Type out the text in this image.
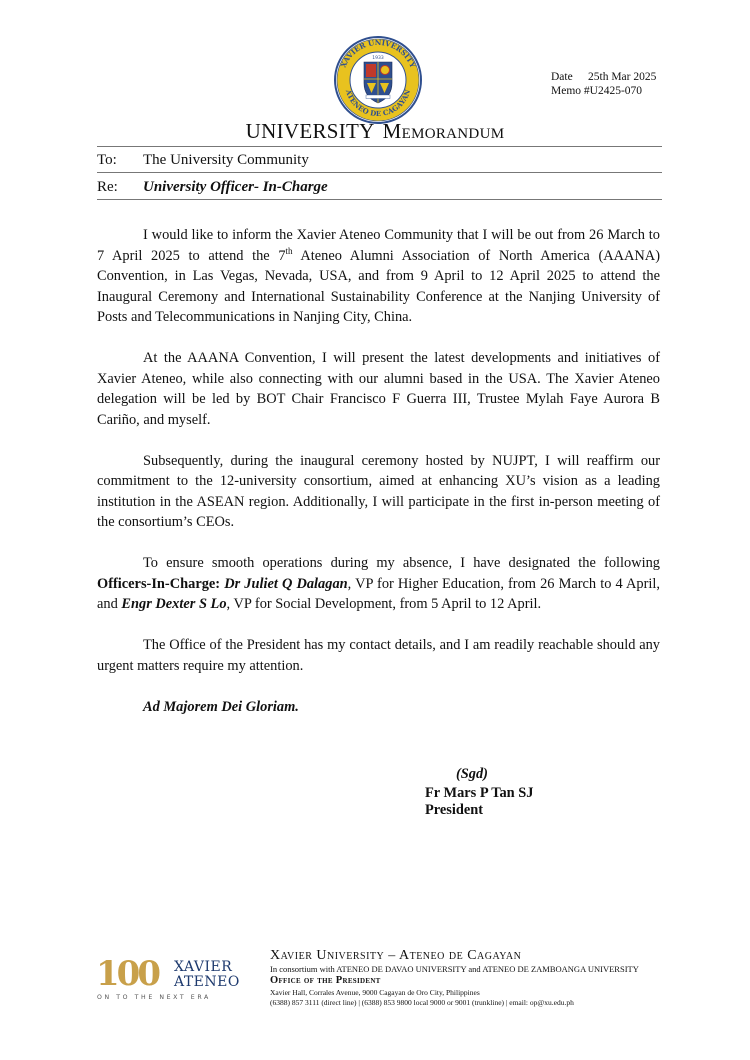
XAVIER UNIVERSITY
ATENEO DE CAGAYAN
1933
Date 25th Mar 2025
Memo #U2425-070
UNIVERSITY Memorandum
To: The University Community
Re: University Officer- In-Charge

I would like to inform the Xavier Ateneo Community that I will be out from 26 March to 7 April 2025 to attend the 7th Ateneo Alumni Association of North America (AAANA) Convention, in Las Vegas, Nevada, USA, and from 9 April to 12 April 2025 to attend the Inaugural Ceremony and International Sustainability Conference at the Nanjing University of Posts and Telecommunications in Nanjing City, China.

At the AAANA Convention, I will present the latest developments and initiatives of Xavier Ateneo, while also connecting with our alumni based in the USA. The Xavier Ateneo delegation will be led by BOT Chair Francisco F Guerra III, Trustee Mylah Faye Aurora B Cariño, and myself.

Subsequently, during the inaugural ceremony hosted by NUJPT, I will reaffirm our commitment to the 12-university consortium, aimed at enhancing XU’s vision as a leading institution in the ASEAN region. Additionally, I will participate in the first in-person meeting of the consortium’s CEOs.

To ensure smooth operations during my absence, I have designated the following Officers-In-Charge: Dr Juliet Q Dalagan, VP for Higher Education, from 26 March to 4 April, and Engr Dexter S Lo, VP for Social Development, from 5 April to 12 April.

The Office of the President has my contact details, and I am readily reachable should any urgent matters require my attention.

Ad Majorem Dei Gloriam.

(Sgd)
Fr Mars P Tan SJ
President
100 XAVIER
ATENEO
ON TO THE NEXT ERA
Xavier University – Ateneo de Cagayan
In consortium with ATENEO DE DAVAO UNIVERSITY and ATENEO DE ZAMBOANGA UNIVERSITY
Office of the President
Xavier Hall, Corrales Avenue, 9000 Cagayan de Oro City, Philippines
(6388) 857 3111 (direct line) | (6388) 853 9800 local 9000 or 9001 (trunkline) | email: op@xu.edu.ph
